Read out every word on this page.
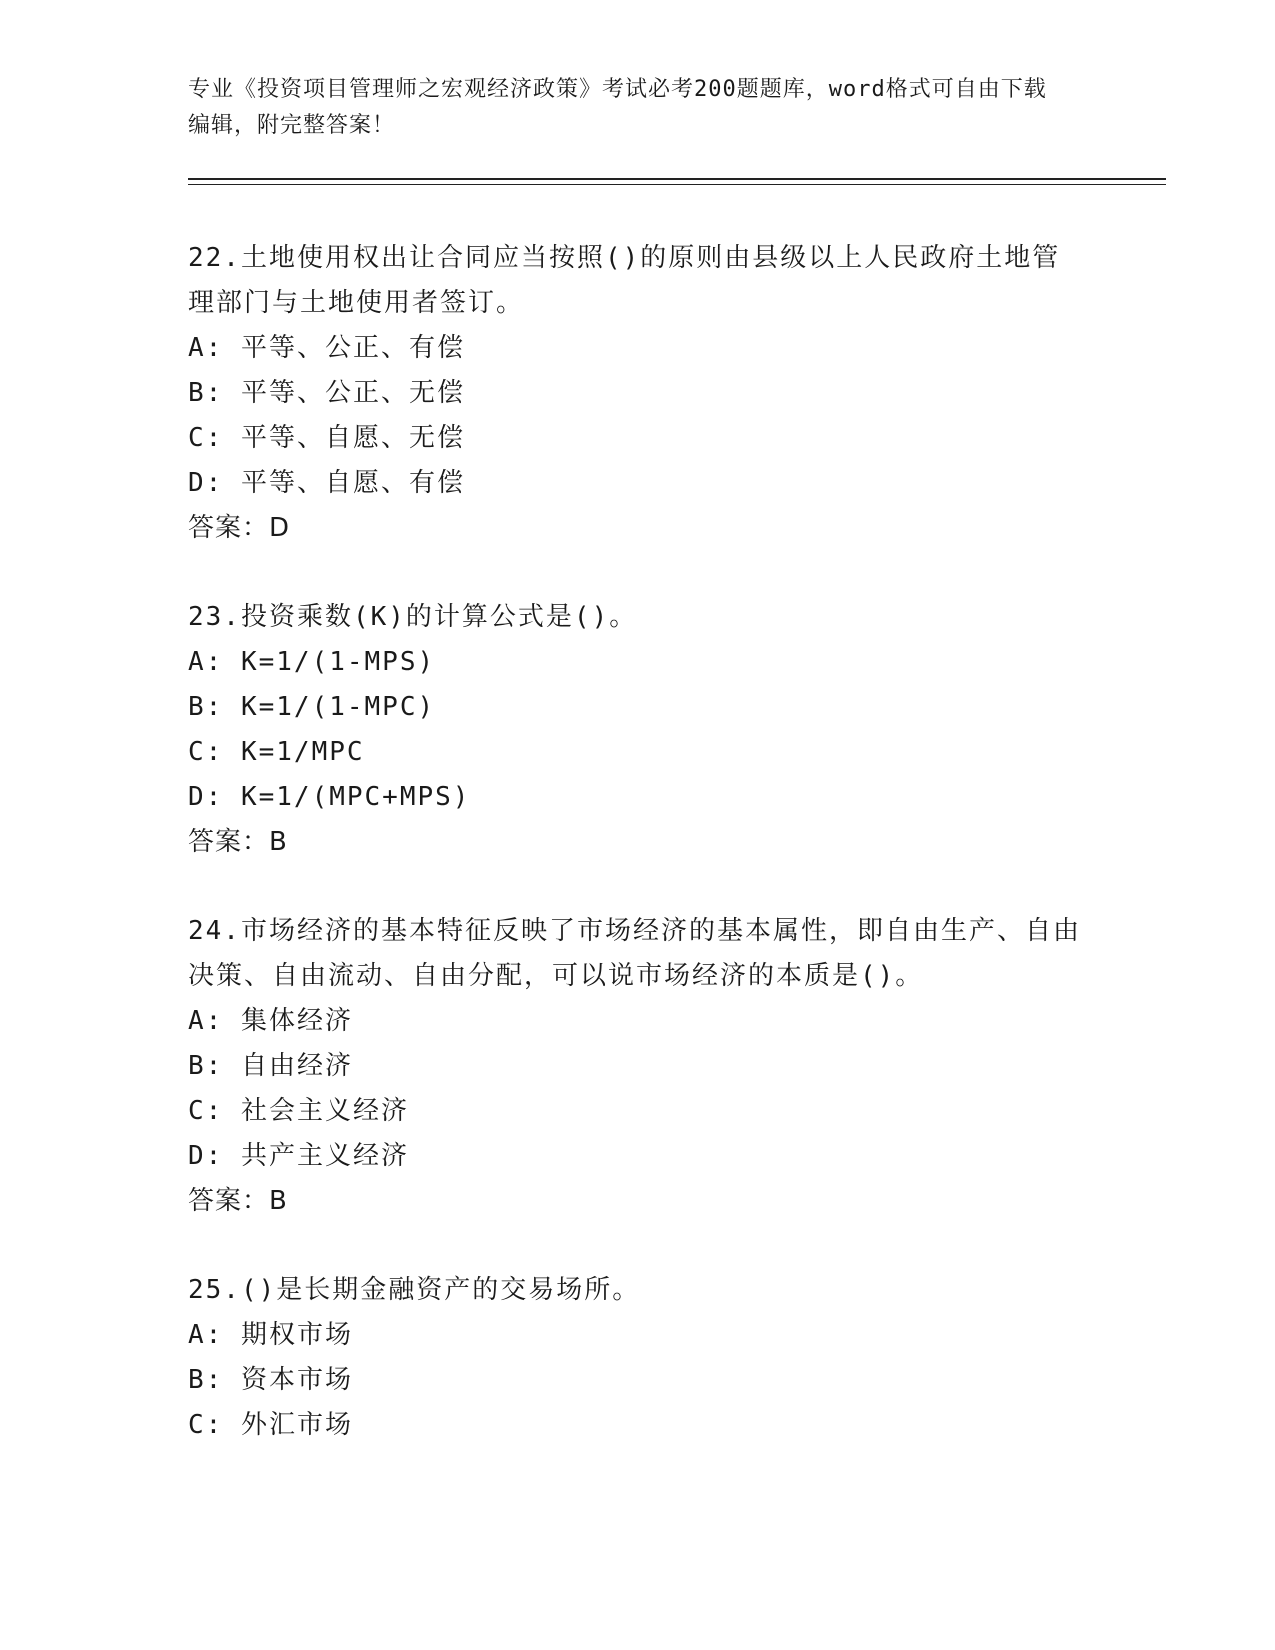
专业《投资项目管理师之宏观经济政策》考试必考200题题库，word格式可自由下载编辑，附完整答案！

22.土地使用权出让合同应当按照()的原则由县级以上人民政府土地管理部门与土地使用者签订。

A: 平等、公正、有偿

B: 平等、公正、无偿

C: 平等、自愿、无偿

D: 平等、自愿、有偿

答案：D

23.投资乘数(K)的计算公式是()。

A: K=1/(1-MPS)

B: K=1/(1-MPC)

C: K=1/MPC

D: K=1/(MPC+MPS)

答案：B

24.市场经济的基本特征反映了市场经济的基本属性，即自由生产、自由决策、自由流动、自由分配，可以说市场经济的本质是()。

A: 集体经济

B: 自由经济

C: 社会主义经济

D: 共产主义经济

答案：B

25.()是长期金融资产的交易场所。

A: 期权市场

B: 资本市场

C: 外汇市场
